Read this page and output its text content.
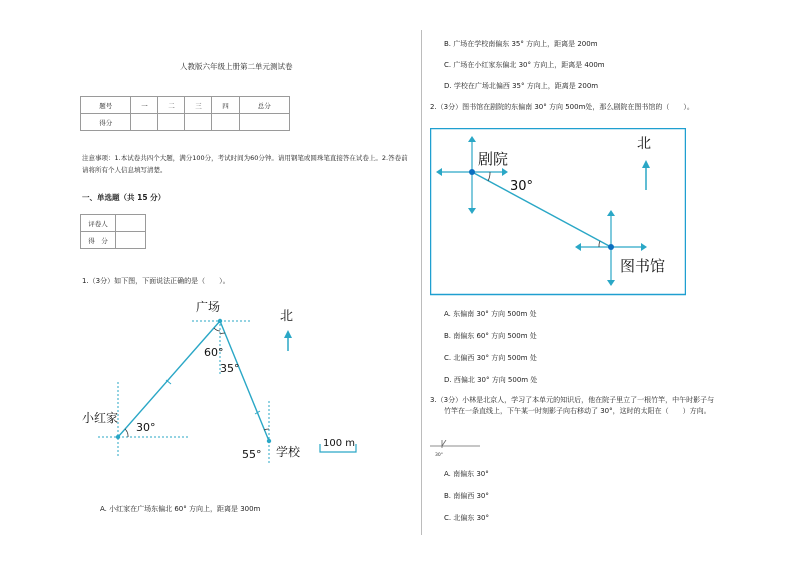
人教版六年级上册第二单元测试卷
题号	一	二	三	四	总分
得分					
注意事项：1.本试卷共四个大题，满分100分，考试时间为60分钟。请用钢笔或圆珠笔直接答在试卷上。2.答卷前请将所有个人信息填写清楚。
一、单选题（共 15 分）
评卷人	
得　分	
1.（3分）如下图，下面说法正确的是（　　）。
广场
小红家
学校
北
60°
35°
30°
55°
100 m
A. 小红家在广场东偏北 60° 方向上，距离是 300m
B. 广场在学校南偏东 35° 方向上，距离是 200m
C. 广场在小红家东偏北 30° 方向上，距离是 400m
D. 学校在广场北偏西 35° 方向上，距离是 200m
2.（3分）图书馆在剧院的东偏南 30° 方向 500m处，那么剧院在图书馆的（　　）。
剧院
图书馆
北
30°
A. 东偏南 30° 方向 500m 处
B. 南偏东 60° 方向 500m 处
C. 北偏西 30° 方向 500m 处
D. 西偏北 30° 方向 500m 处
3.（3分）小林是北京人，学习了本单元的知识后，他在院子里立了一根竹竿，中午时影子与
竹竿在一条直线上，下午某一时刻影子向右移动了 30°，这时的太阳在（　　）方向。
30°
A. 南偏东 30°
B. 南偏西 30°
C. 北偏东 30°
